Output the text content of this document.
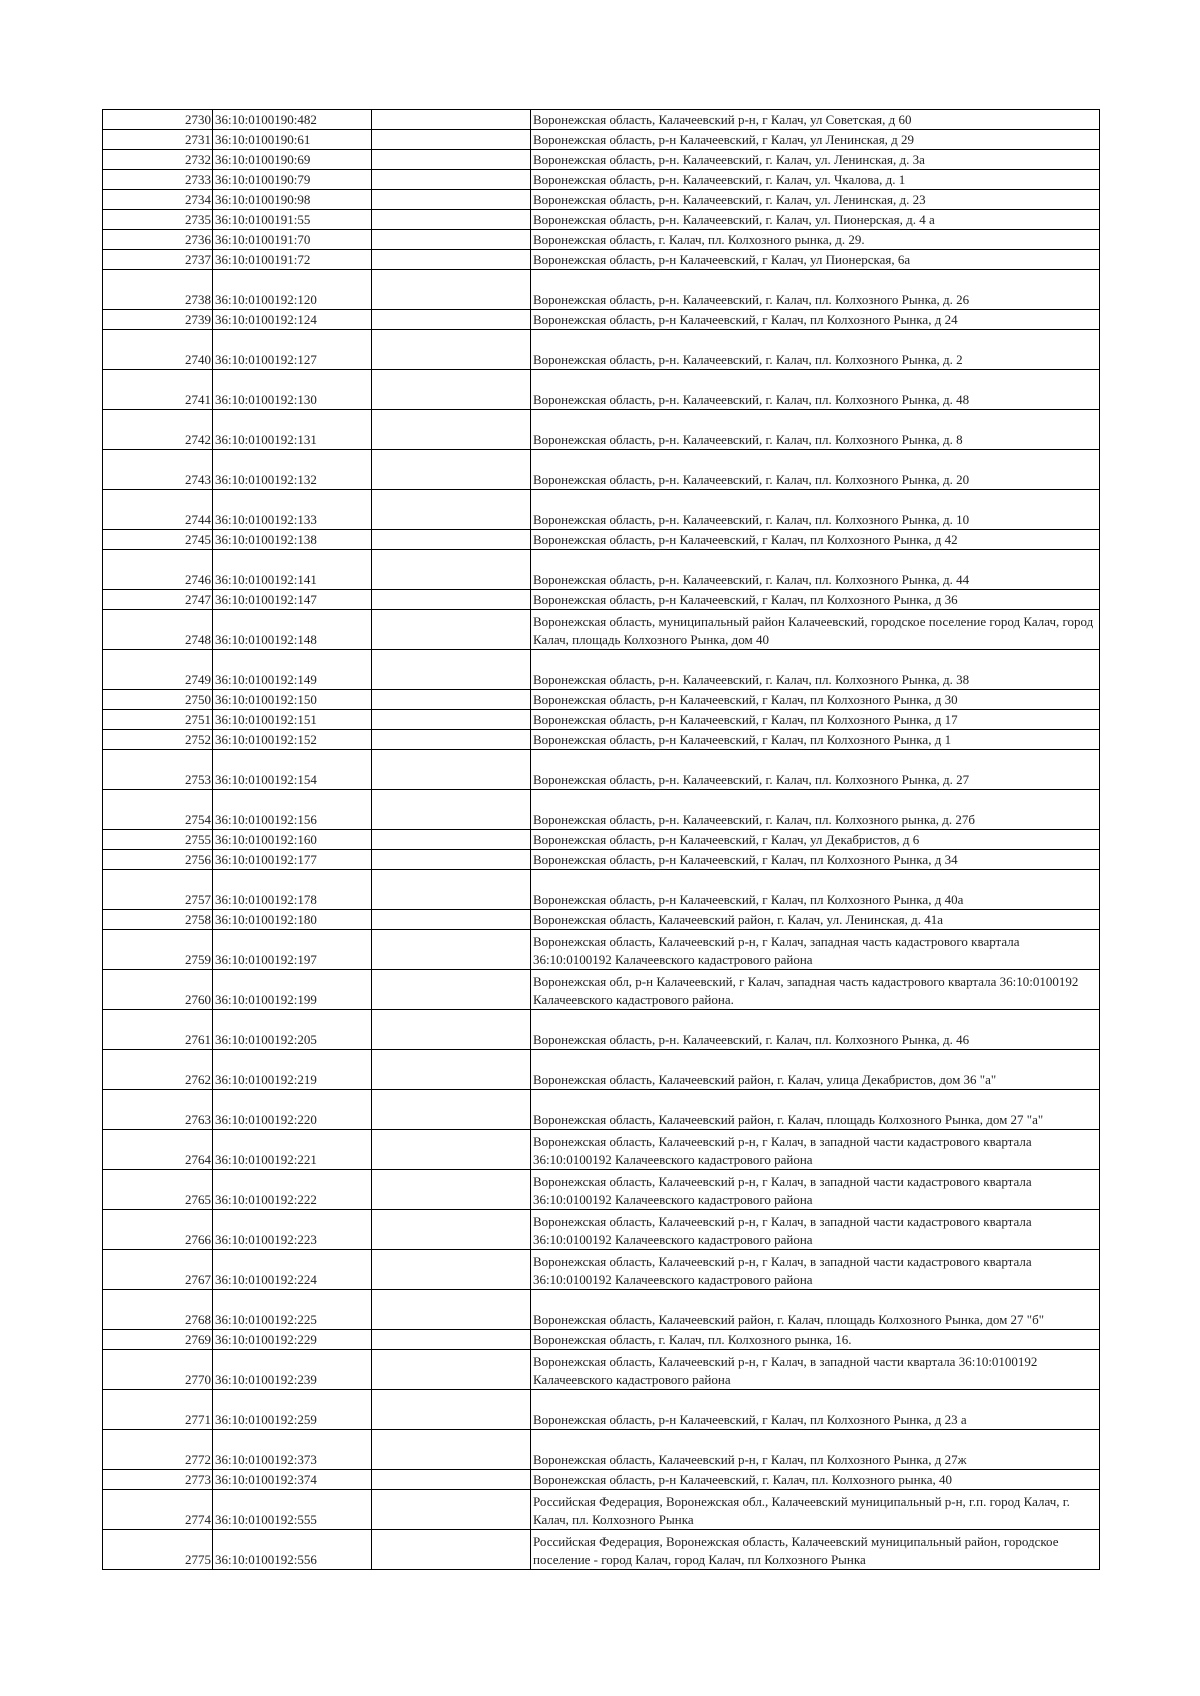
2730	36:10:0100190:482		Воронежская область, Калачеевский р-н, г Калач, ул Советская, д 60
2731	36:10:0100190:61		Воронежская область, р-н Калачеевский, г Калач, ул Ленинская, д 29
2732	36:10:0100190:69		Воронежская область, р-н. Калачеевский, г. Калач, ул. Ленинская, д. 3а
2733	36:10:0100190:79		Воронежская область, р-н. Калачеевский, г. Калач, ул. Чкалова, д. 1
2734	36:10:0100190:98		Воронежская область, р-н. Калачеевский, г. Калач, ул. Ленинская, д. 23
2735	36:10:0100191:55		Воронежская область, р-н. Калачеевский, г. Калач, ул. Пионерская, д. 4 а
2736	36:10:0100191:70		Воронежская область, г. Калач, пл. Колхозного рынка, д. 29.
2737	36:10:0100191:72		Воронежская область, р-н Калачеевский, г Калач, ул Пионерская, 6а
2738	36:10:0100192:120		Воронежская область, р-н. Калачеевский, г. Калач, пл. Колхозного Рынка, д. 26
2739	36:10:0100192:124		Воронежская область, р-н Калачеевский, г Калач, пл Колхозного Рынка, д 24
2740	36:10:0100192:127		Воронежская область, р-н. Калачеевский, г. Калач, пл. Колхозного Рынка, д. 2
2741	36:10:0100192:130		Воронежская область, р-н. Калачеевский, г. Калач, пл. Колхозного Рынка, д. 48
2742	36:10:0100192:131		Воронежская область, р-н. Калачеевский, г. Калач, пл. Колхозного Рынка, д. 8
2743	36:10:0100192:132		Воронежская область, р-н. Калачеевский, г. Калач, пл. Колхозного Рынка, д. 20
2744	36:10:0100192:133		Воронежская область, р-н. Калачеевский, г. Калач, пл. Колхозного Рынка, д. 10
2745	36:10:0100192:138		Воронежская область, р-н Калачеевский, г Калач, пл Колхозного Рынка, д 42
2746	36:10:0100192:141		Воронежская область, р-н. Калачеевский, г. Калач, пл. Колхозного Рынка, д. 44
2747	36:10:0100192:147		Воронежская область, р-н Калачеевский, г Калач, пл Колхозного Рынка, д 36
2748	36:10:0100192:148		Воронежская область, муниципальный район Калачеевский, городское поселение город Калач, город Калач, площадь Колхозного Рынка, дом 40
2749	36:10:0100192:149		Воронежская область, р-н. Калачеевский, г. Калач, пл. Колхозного Рынка, д. 38
2750	36:10:0100192:150		Воронежская область, р-н Калачеевский, г Калач, пл Колхозного Рынка, д 30
2751	36:10:0100192:151		Воронежская область, р-н Калачеевский, г Калач, пл Колхозного Рынка, д 17
2752	36:10:0100192:152		Воронежская область, р-н Калачеевский, г Калач, пл Колхозного Рынка, д 1
2753	36:10:0100192:154		Воронежская область, р-н. Калачеевский, г. Калач, пл. Колхозного Рынка, д. 27
2754	36:10:0100192:156		Воронежская область, р-н. Калачеевский, г. Калач, пл. Колхозного рынка, д. 27б
2755	36:10:0100192:160		Воронежская область, р-н Калачеевский, г Калач, ул Декабристов, д 6
2756	36:10:0100192:177		Воронежская область, р-н Калачеевский, г Калач, пл Колхозного Рынка, д 34
2757	36:10:0100192:178		Воронежская область, р-н Калачеевский, г Калач, пл Колхозного Рынка, д 40а
2758	36:10:0100192:180		Воронежская область, Калачеевский район, г. Калач, ул. Ленинская, д. 41а
2759	36:10:0100192:197		Воронежская область, Калачеевский р-н, г Калач, западная часть кадастрового квартала 36:10:0100192 Калачеевского кадастрового района
2760	36:10:0100192:199		Воронежская обл, р-н Калачеевский, г Калач, западная часть кадастрового квартала 36:10:0100192 Калачеевского кадастрового района.
2761	36:10:0100192:205		Воронежская область, р-н. Калачеевский, г. Калач, пл. Колхозного Рынка, д. 46
2762	36:10:0100192:219		Воронежская область, Калачеевский район, г. Калач, улица Декабристов, дом 36 "а"
2763	36:10:0100192:220		Воронежская область, Калачеевский район, г. Калач, площадь Колхозного Рынка, дом 27 "а"
2764	36:10:0100192:221		Воронежская область, Калачеевский р-н, г Калач, в западной части кадастрового квартала 36:10:0100192 Калачеевского кадастрового района
2765	36:10:0100192:222		Воронежская область, Калачеевский р-н, г Калач, в западной части кадастрового квартала 36:10:0100192 Калачеевского кадастрового района
2766	36:10:0100192:223		Воронежская область, Калачеевский р-н, г Калач, в западной части кадастрового квартала 36:10:0100192 Калачеевского кадастрового района
2767	36:10:0100192:224		Воронежская область, Калачеевский р-н, г Калач, в западной части кадастрового квартала 36:10:0100192 Калачеевского кадастрового района
2768	36:10:0100192:225		Воронежская область, Калачеевский район, г. Калач, площадь Колхозного Рынка, дом 27 "б"
2769	36:10:0100192:229		Воронежская область, г. Калач, пл. Колхозного рынка, 16.
2770	36:10:0100192:239		Воронежская область, Калачеевский р-н, г Калач, в западной части квартала 36:10:0100192 Калачеевского кадастрового района
2771	36:10:0100192:259		Воронежская область, р-н Калачеевский, г Калач, пл Колхозного Рынка, д 23 а
2772	36:10:0100192:373		Воронежская область, Калачеевский р-н, г Калач, пл Колхозного Рынка, д 27ж
2773	36:10:0100192:374		Воронежская область, р-н Калачеевский, г. Калач, пл. Колхозного рынка, 40
2774	36:10:0100192:555		Российская Федерация, Воронежская обл., Калачеевский муниципальный р-н, г.п. город Калач, г. Калач, пл. Колхозного Рынка
2775	36:10:0100192:556		Российская Федерация, Воронежская область, Калачеевский муниципальный район, городское поселение - город Калач, город Калач, пл Колхозного Рынка
